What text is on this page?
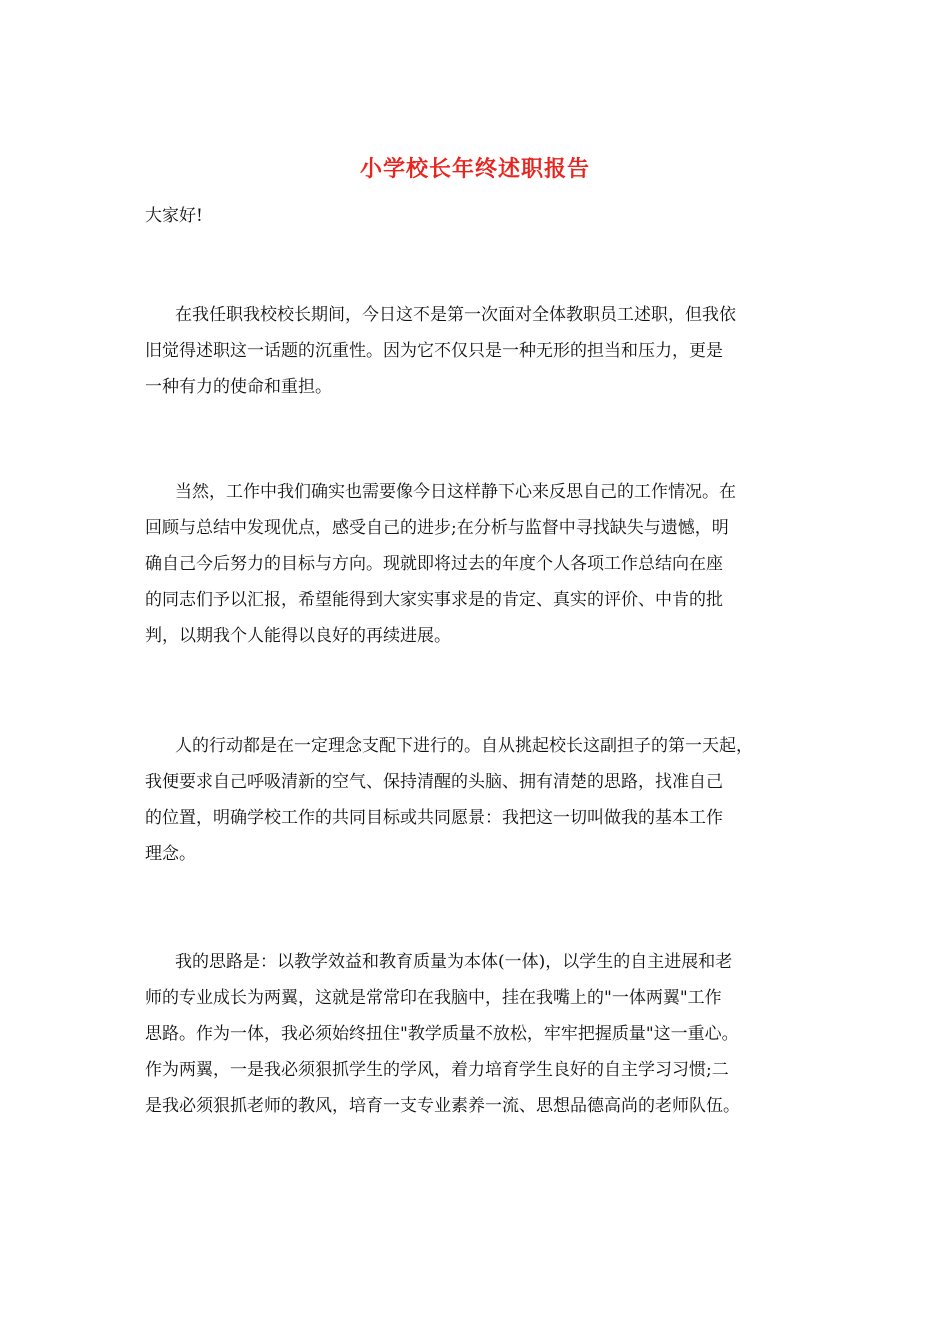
小学校长年终述职报告
大家好!
在我任职我校校长期间，今日这不是第一次面对全体教职员工述职，但我依
旧觉得述职这一话题的沉重性。因为它不仅只是一种无形的担当和压力，更是
一种有力的使命和重担。
当然，工作中我们确实也需要像今日这样静下心来反思自己的工作情况。在
回顾与总结中发现优点，感受自己的进步;在分析与监督中寻找缺失与遗憾，明
确自己今后努力的目标与方向。现就即将过去的年度个人各项工作总结向在座
的同志们予以汇报，希望能得到大家实事求是的肯定、真实的评价、中肯的批
判，以期我个人能得以良好的再续进展。
人的行动都是在一定理念支配下进行的。自从挑起校长这副担子的第一天起，
我便要求自己呼吸清新的空气、保持清醒的头脑、拥有清楚的思路，找准自己
的位置，明确学校工作的共同目标或共同愿景：我把这一切叫做我的基本工作
理念。
我的思路是：以教学效益和教育质量为本体(一体)，以学生的自主进展和老
师的专业成长为两翼，这就是常常印在我脑中，挂在我嘴上的"一体两翼"工作
思路。作为一体，我必须始终扭住"教学质量不放松，牢牢把握质量"这一重心。
作为两翼，一是我必须狠抓学生的学风，着力培育学生良好的自主学习习惯;二
是我必须狠抓老师的教风，培育一支专业素养一流、思想品德高尚的老师队伍。
